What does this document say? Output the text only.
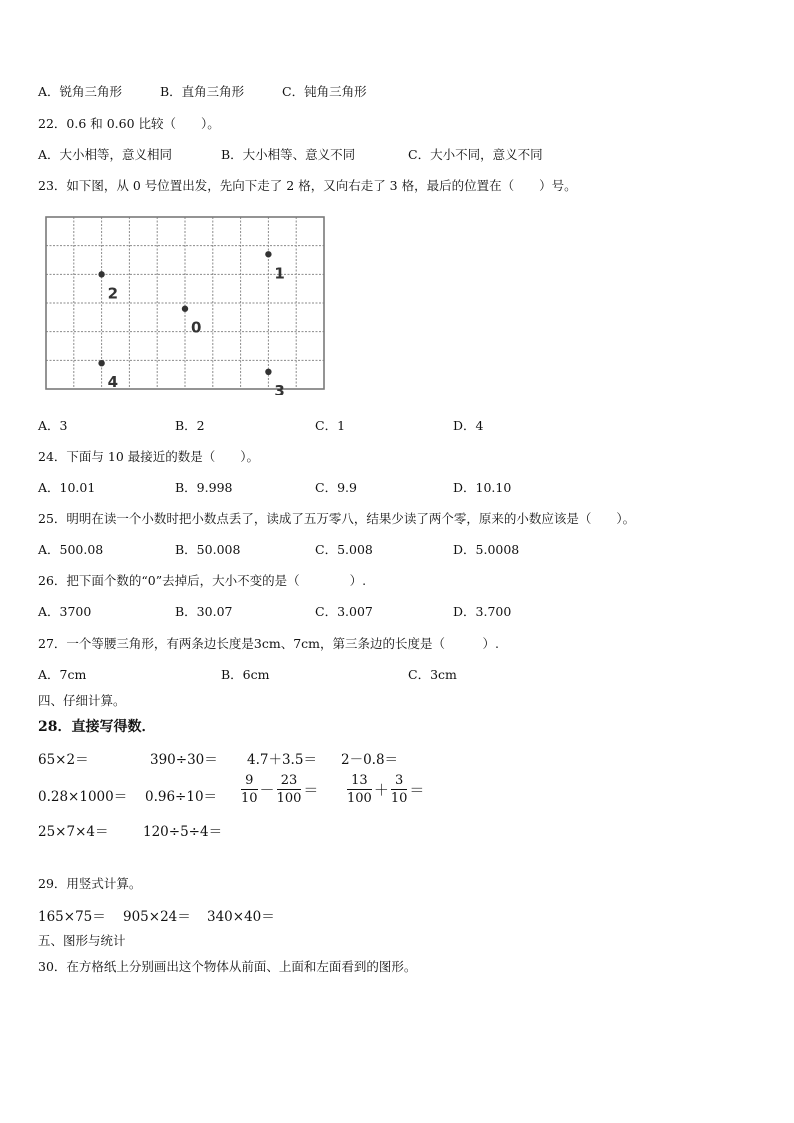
A．锐角三角形	B．直角三角形	C．钝角三角形
22．0.6 和 0.60 比较（　　）。
A．大小相等，意义相同	B．大小相等、意义不同	C．大小不同，意义不同
23．如下图，从 0 号位置出发，先向下走了 2 格，又向右走了 3 格，最后的位置在（　　）号。
1
2
0
4	3
A．3	B．2	C．1	D．4
24．下面与 10 最接近的数是（　　）。
A．10.01	B．9.998	C．9.9	D．10.10
25．明明在读一个小数时把小数点丢了，读成了五万零八，结果少读了两个零，原来的小数应该是（　　）。
A．500.08	B．50.008	C．5.008	D．5.0008
26．把下面个数的“0”去掉后，大小不变的是（　　　　）.
A．3700	B．30.07	C．3.007	D．3.700
27．一个等腰三角形，有两条边长度是3cm、7cm，第三条边的长度是（　　　）.
A．7cm	B．6cm	C．3cm
四、仔细计算。
28．直接写得数．
65×2＝	390÷30＝ 4.7＋3.5＝ 2－0.8＝
$0.28\times 1000= 0.96\div 10= \frac{9}{10} - \frac{23}{100} = \frac{13}{100} + \frac{3}{10}$ ＝
25×7×4＝	120÷5÷4＝
29．用竖式计算。
165×75＝ 905×24＝ 340×40＝
五、图形与统计
30．在方格纸上分别画出这个物体从前面、上面和左面看到的图形。
